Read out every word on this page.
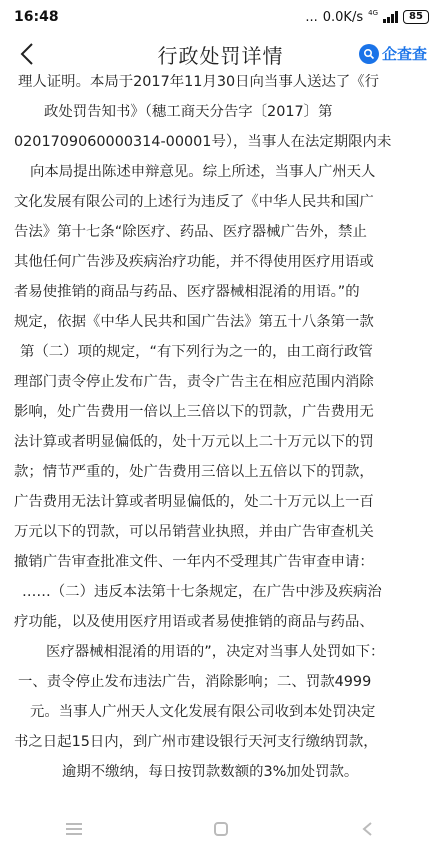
16:48	... 0.0K/s 4G	85
行政处罚详情	企查查
理人证明。本局于2017年11月30日向当事人送达了《行
政处罚告知书》（穗工商天分告字〔2017〕第
0201709060000314-00001号），当事人在法定期限内未
向本局提出陈述申辩意见。综上所述，当事人广州天人
文化发展有限公司的上述行为违反了《中华人民共和国广
告法》第十七条“除医疗、药品、医疗器械广告外，禁止
其他任何广告涉及疾病治疗功能，并不得使用医疗用语或
者易使推销的商品与药品、医疗器械相混淆的用语。”的
规定，依据《中华人民共和国广告法》第五十八条第一款
第（二）项的规定，“有下列行为之一的，由工商行政管
理部门责令停止发布广告，责令广告主在相应范围内消除
影响，处广告费用一倍以上三倍以下的罚款，广告费用无
法计算或者明显偏低的，处十万元以上二十万元以下的罚
款；情节严重的，处广告费用三倍以上五倍以下的罚款，
广告费用无法计算或者明显偏低的，处二十万元以上一百
万元以下的罚款，可以吊销营业执照，并由广告审查机关
撤销广告审查批准文件、一年内不受理其广告审查申请：
……（二）违反本法第十七条规定，在广告中涉及疾病治
疗功能，以及使用医疗用语或者易使推销的商品与药品、
医疗器械相混淆的用语的”，决定对当事人处罚如下：
一、责令停止发布违法广告，消除影响；二、罚款4999
元。当事人广州天人文化发展有限公司收到本处罚决定
书之日起15日内，到广州市建设银行天河支行缴纳罚款，
逾期不缴纳，每日按罚款数额的3%加处罚款。
